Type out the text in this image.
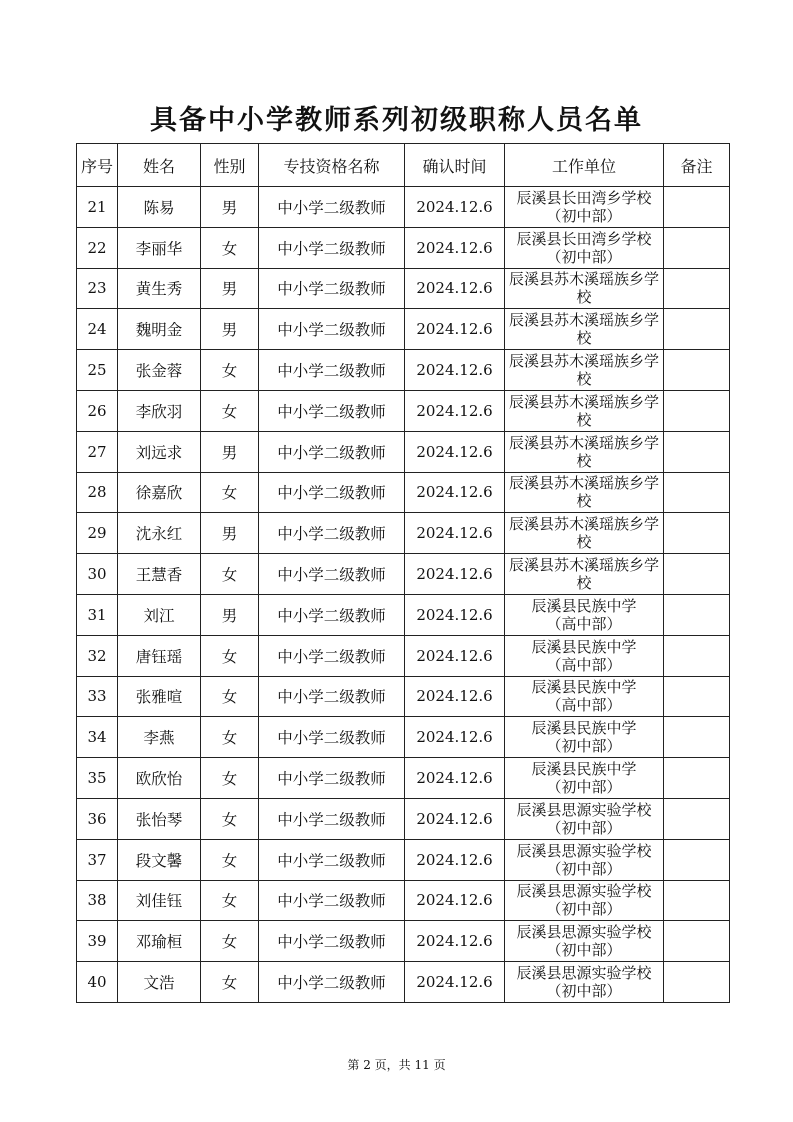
具备中小学教师系列初级职称人员名单
序号	姓名	性别	专技资格名称	确认时间	工作单位	备注
21	陈易	男	中小学二级教师	2024.12.6	辰溪县长田湾乡学校
（初中部）	

22	李丽华	女	中小学二级教师	2024.12.6	辰溪县长田湾乡学校
（初中部）	

23	黄生秀	男	中小学二级教师	2024.12.6	辰溪县苏木溪瑶族乡学
校	

24	魏明金	男	中小学二级教师	2024.12.6	辰溪县苏木溪瑶族乡学
校	

25	张金蓉	女	中小学二级教师	2024.12.6	辰溪县苏木溪瑶族乡学
校	

26	李欣羽	女	中小学二级教师	2024.12.6	辰溪县苏木溪瑶族乡学
校	

27	刘远求	男	中小学二级教师	2024.12.6	辰溪县苏木溪瑶族乡学
校	

28	徐嘉欣	女	中小学二级教师	2024.12.6	辰溪县苏木溪瑶族乡学
校	

29	沈永红	男	中小学二级教师	2024.12.6	辰溪县苏木溪瑶族乡学
校	

30	王慧香	女	中小学二级教师	2024.12.6	辰溪县苏木溪瑶族乡学
校	

31	刘江	男	中小学二级教师	2024.12.6	辰溪县民族中学
（高中部）	

32	唐钰瑶	女	中小学二级教师	2024.12.6	辰溪县民族中学
（高中部）	

33	张雅喧	女	中小学二级教师	2024.12.6	辰溪县民族中学
（高中部）	

34	李燕	女	中小学二级教师	2024.12.6	辰溪县民族中学
（初中部）	

35	欧欣怡	女	中小学二级教师	2024.12.6	辰溪县民族中学
（初中部）	

36	张怡琴	女	中小学二级教师	2024.12.6	辰溪县思源实验学校
（初中部）	

37	段文馨	女	中小学二级教师	2024.12.6	辰溪县思源实验学校
（初中部）	

38	刘佳钰	女	中小学二级教师	2024.12.6	辰溪县思源实验学校
（初中部）	

39	邓瑜桓	女	中小学二级教师	2024.12.6	辰溪县思源实验学校
（初中部）	

40	文浩	女	中小学二级教师	2024.12.6	辰溪县思源实验学校
（初中部）	

第 2 页，共 11 页
